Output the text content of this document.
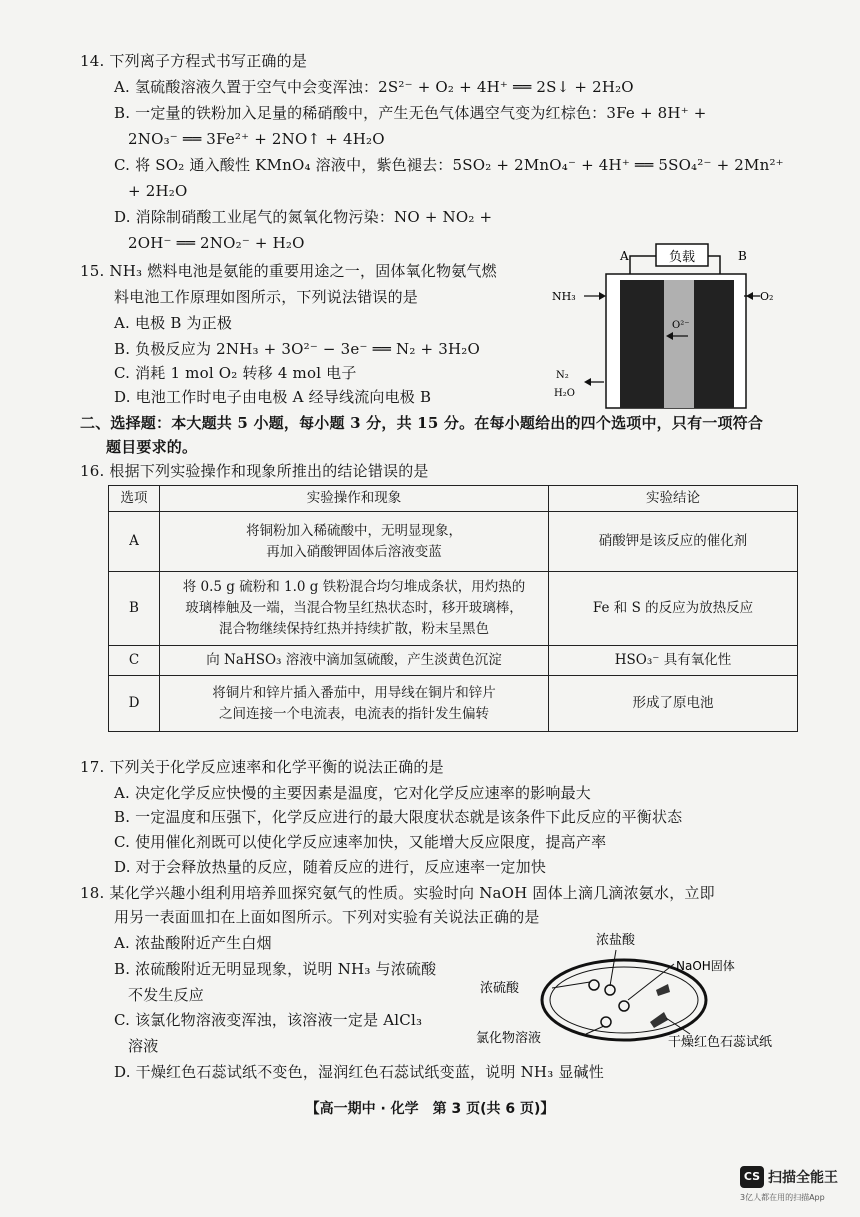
14. 下列离子方程式书写正确的是
A. 氢硫酸溶液久置于空气中会变浑浊：2S²⁻ + O₂ + 4H⁺ ══ 2S↓ + 2H₂O
B. 一定量的铁粉加入足量的稀硝酸中，产生无色气体遇空气变为红棕色：3Fe + 8H⁺ +
2NO₃⁻ ══ 3Fe²⁺ + 2NO↑ + 4H₂O
C. 将 SO₂ 通入酸性 KMnO₄ 溶液中，紫色褪去：5SO₂ + 2MnO₄⁻ + 4H⁺ ══ 5SO₄²⁻ + 2Mn²⁺
+ 2H₂O
D. 消除制硝酸工业尾气的氮氧化物污染：NO + NO₂ +
2OH⁻ ══ 2NO₂⁻ + H₂O
15. NH₃ 燃料电池是氨能的重要用途之一，固体氧化物氨气燃
料电池工作原理如图所示，下列说法错误的是
A. 电极 B 为正极
B. 负极反应为 2NH₃ + 3O²⁻ − 3e⁻ ══ N₂ + 3H₂O
C. 消耗 1 mol O₂ 转移 4 mol 电子
D. 电池工作时电子由电极 A 经导线流向电极 B
负载
A	B
O²⁻
NH₃	O₂
N₂
H₂O
二、选择题：本大题共 5 小题，每小题 3 分，共 15 分。在每小题给出的四个选项中，只有一项符合
题目要求的。
16. 根据下列实验操作和现象所推出的结论错误的是
选项	实验操作和现象	实验结论
A	将铜粉加入稀硫酸中，无明显现象，
再加入硝酸钾固体后溶液变蓝	硝酸钾是该反应的催化剂
B	将 0.5 g 硫粉和 1.0 g 铁粉混合均匀堆成条状，用灼热的
玻璃棒触及一端，当混合物呈红热状态时，移开玻璃棒，
混合物继续保持红热并持续扩散，粉末呈黑色	Fe 和 S 的反应为放热反应
C	向 NaHSO₃ 溶液中滴加氢硫酸，产生淡黄色沉淀	HSO₃⁻ 具有氧化性
D	将铜片和锌片插入番茄中，用导线在铜片和锌片
之间连接一个电流表，电流表的指针发生偏转	形成了原电池
17. 下列关于化学反应速率和化学平衡的说法正确的是
A. 决定化学反应快慢的主要因素是温度，它对化学反应速率的影响最大
B. 一定温度和压强下，化学反应进行的最大限度状态就是该条件下此反应的平衡状态
C. 使用催化剂既可以使化学反应速率加快，又能增大反应限度，提高产率
D. 对于会释放热量的反应，随着反应的进行，反应速率一定加快
18. 某化学兴趣小组利用培养皿探究氨气的性质。实验时向 NaOH 固体上滴几滴浓氨水，立即
用另一表面皿扣在上面如图所示。下列对实验有关说法正确的是
A. 浓盐酸附近产生白烟
B. 浓硫酸附近无明显现象，说明 NH₃ 与浓硫酸
不发生反应
C. 该氯化物溶液变浑浊，该溶液一定是 AlCl₃
溶液
D. 干燥红色石蕊试纸不变色，湿润红色石蕊试纸变蓝，说明 NH₃ 显碱性
浓盐酸
NaOH固体
浓硫酸
氯化物溶液	干燥红色石蕊试纸
【高一期中 · 化学　第 3 页(共 6 页)】
CS 扫描全能王
3亿人都在用的扫描App
